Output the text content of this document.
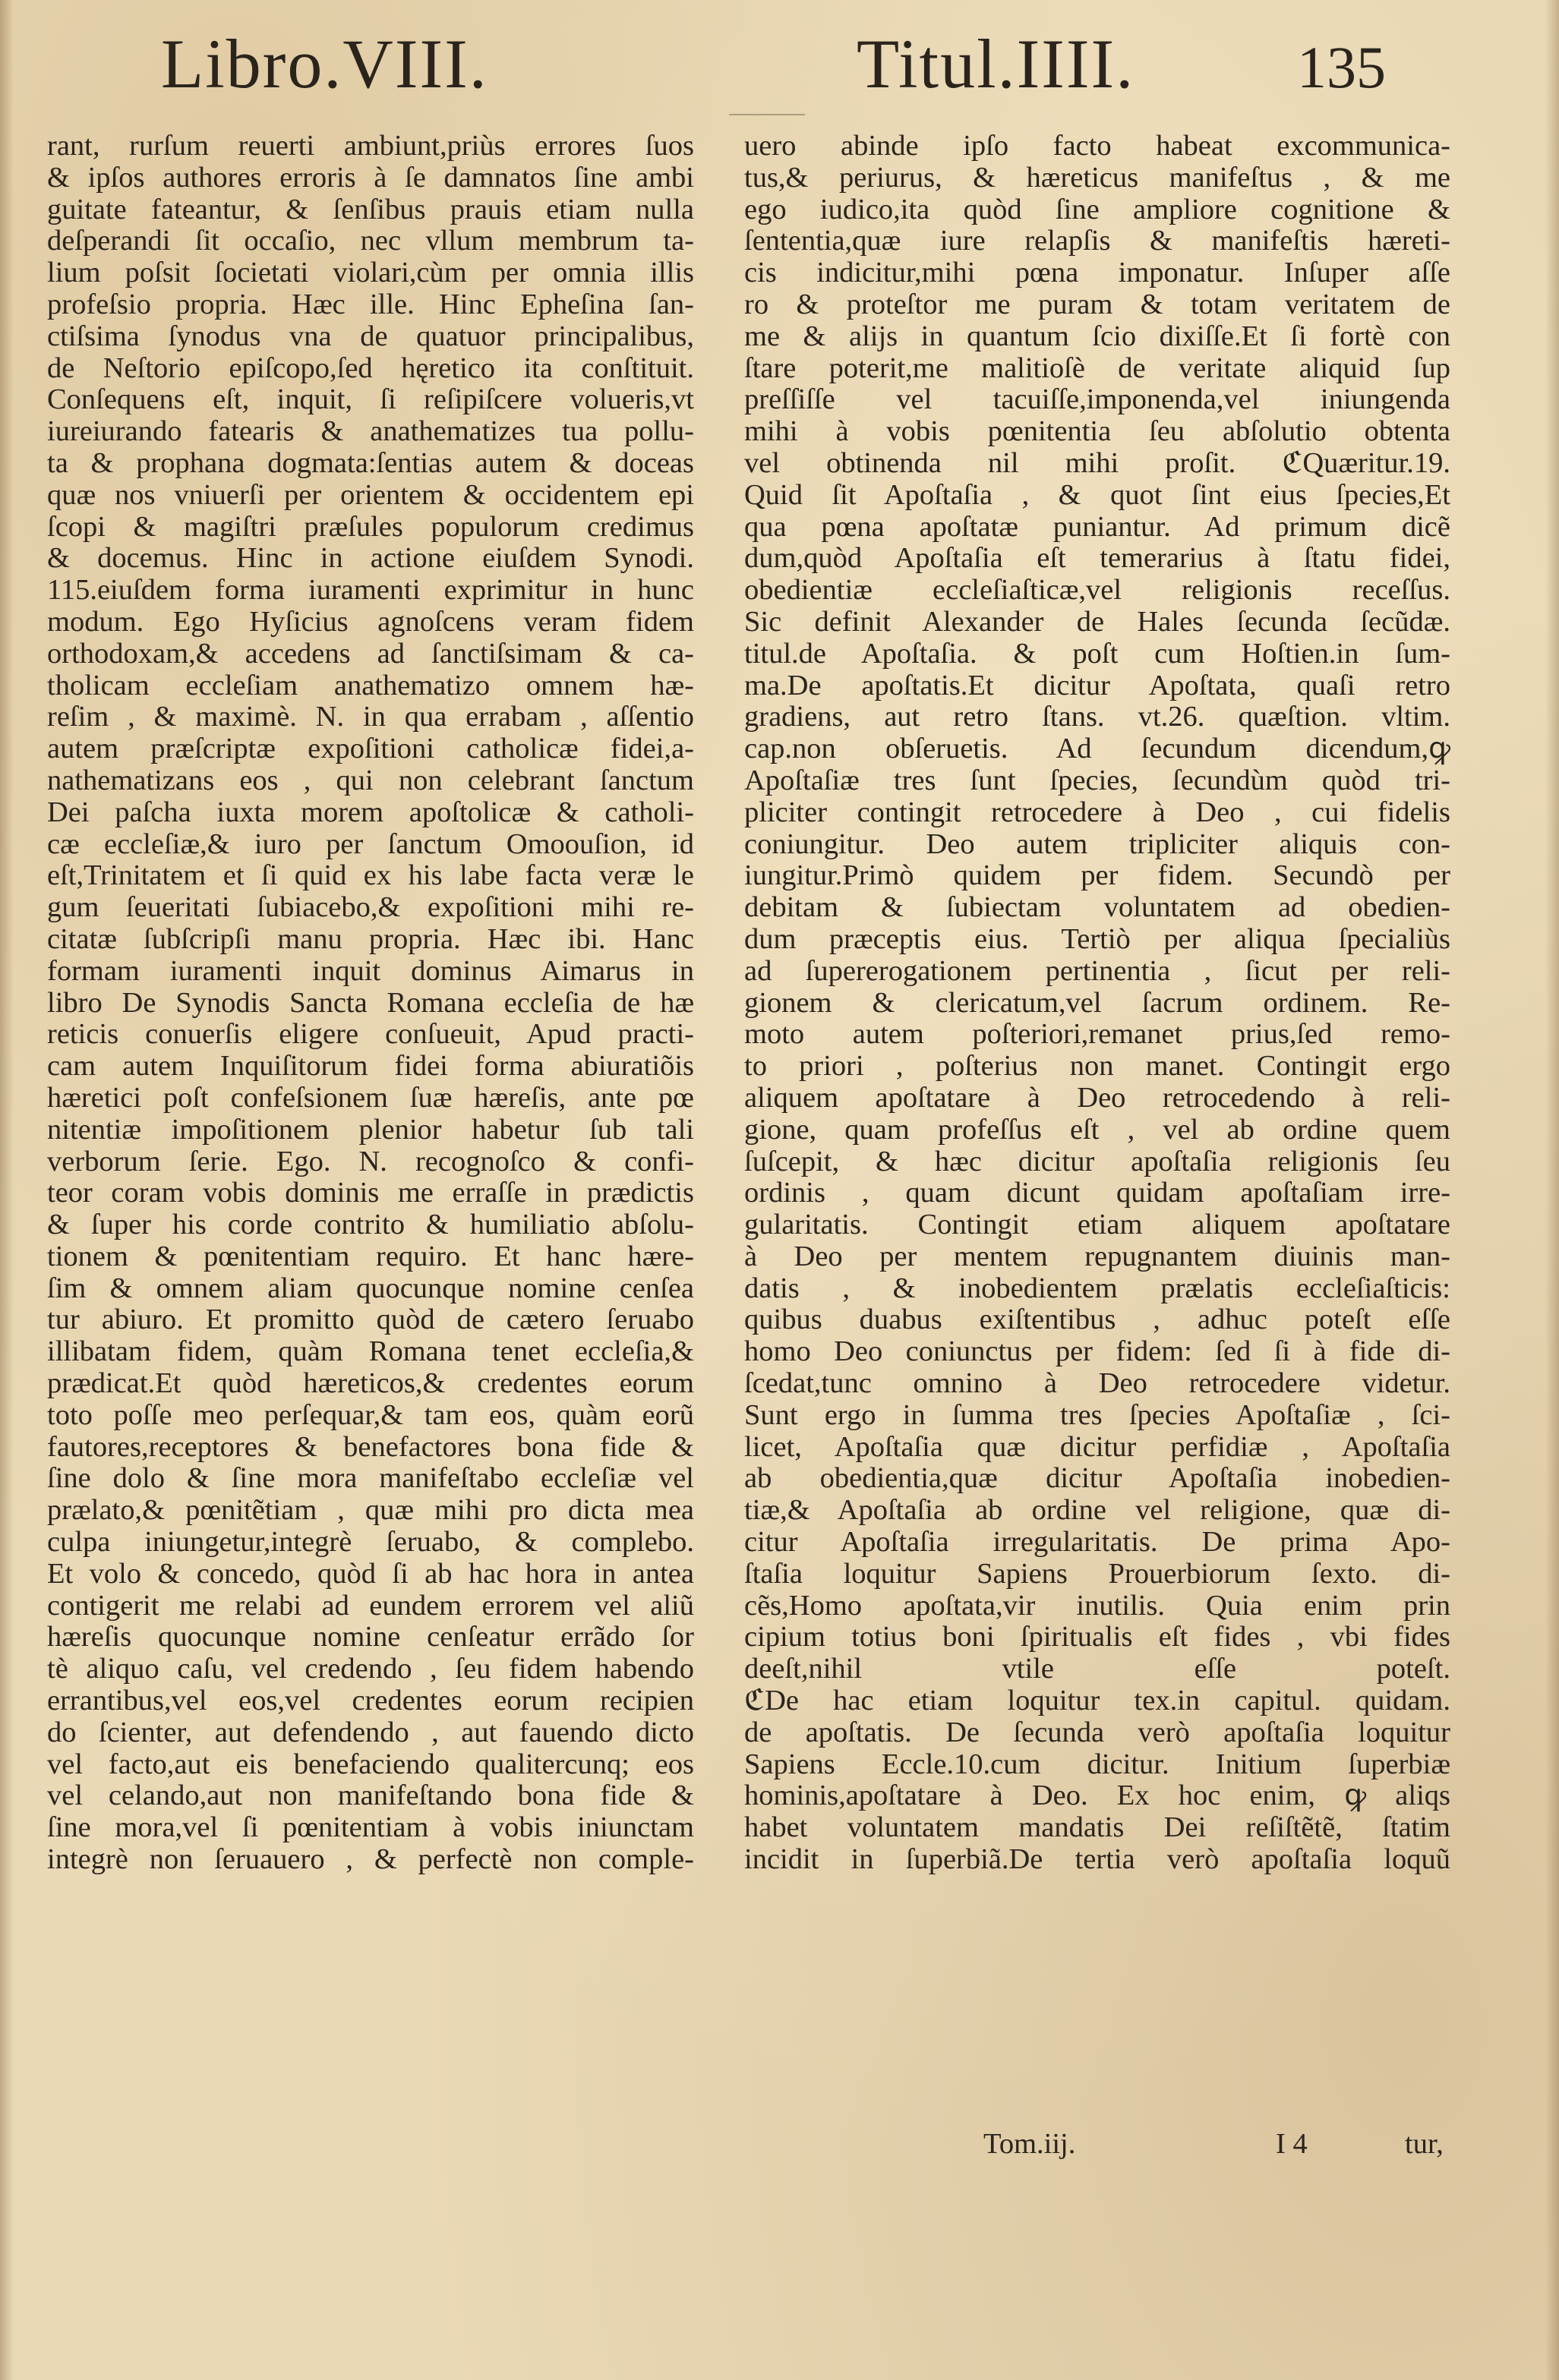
Libro.VIII.	Titul.IIII.	135
rant, rurſum reuerti ambiunt,priùs errores ſuos
& ipſos authores erroris à ſe damnatos ſine ambi
guitate fateantur, & ſenſibus prauis etiam nulla
deſperandi ſit occaſio, nec vllum membrum ta-
lium poſsit ſocietati violari,cùm per omnia illis
profeſsio propria. Hæc ille. Hinc Epheſina ſan-
ctiſsima ſynodus vna de quatuor principalibus,
de Neſtorio epiſcopo,ſed hęretico ita conſtituit.
Conſequens eſt, inquit, ſi reſipiſcere volueris,vt
iureiurando fatearis & anathematizes tua pollu-
ta & prophana dogmata:ſentias autem & doceas
quæ nos vniuerſi per orientem & occidentem epi
ſcopi & magiſtri præſules populorum credimus
& docemus. Hinc in actione eiuſdem Synodi.
115.eiuſdem forma iuramenti exprimitur in hunc
modum. Ego Hyſicius agnoſcens veram fidem
orthodoxam,& accedens ad ſanctiſsimam & ca-
tholicam eccleſiam anathematizo omnem hæ-
reſim , & maximè. N. in qua errabam , aſſentio
autem præſcriptæ expoſitioni catholicæ fidei,a-
nathematizans eos , qui non celebrant ſanctum
Dei paſcha iuxta morem apoſtolicæ & catholi-
cæ eccleſiæ,& iuro per ſanctum Omoouſion, id
eſt,Trinitatem et ſi quid ex his labe facta veræ le
gum ſeueritati ſubiacebo,& expoſitioni mihi re-
citatæ ſubſcripſi manu propria. Hæc ibi. Hanc
formam iuramenti inquit dominus Aimarus in
libro De Synodis Sancta Romana eccleſia de hæ
reticis conuerſis eligere conſueuit, Apud practi-
cam autem Inquiſitorum fidei forma abiuratiõis
hæretici poſt confeſsionem ſuæ hæreſis, ante pœ
nitentiæ impoſitionem plenior habetur ſub tali
verborum ſerie. Ego. N. recognoſco & confi-
teor coram vobis dominis me erraſſe in prædictis
& ſuper his corde contrito & humiliatio abſolu-
tionem & pœnitentiam requiro. Et hanc hære-
ſim & omnem aliam quocunque nomine cenſea
tur abiuro. Et promitto quòd de cætero ſeruabo
illibatam fidem, quàm Romana tenet eccleſia,&
prædicat.Et quòd hæreticos,& credentes eorum
toto poſſe meo perſequar,& tam eos, quàm eorũ
fautores,receptores & benefactores bona fide &
ſine dolo & ſine mora manifeſtabo eccleſiæ vel
prælato,& pœnitẽtiam , quæ mihi pro dicta mea
culpa iniungetur,integrè ſeruabo, & complebo.
Et volo & concedo, quòd ſi ab hac hora in antea
contigerit me relabi ad eundem errorem vel aliũ
hæreſis quocunque nomine cenſeatur errãdo ſor
tè aliquo caſu, vel credendo , ſeu fidem habendo
errantibus,vel eos,vel credentes eorum recipien
do ſcienter, aut defendendo , aut fauendo dicto
vel facto,aut eis benefaciendo qualitercunq; eos
vel celando,aut non manifeſtando bona fide &
ſine mora,vel ſi pœnitentiam à vobis iniunctam
integrè non ſeruauero , & perfectè non comple-
uero abinde ipſo facto habeat excommunica-
tus,& periurus, & hæreticus manifeſtus , & me
ego iudico,ita quòd ſine ampliore cognitione &
ſententia,quæ iure relapſis & manifeſtis hæreti-
cis indicitur,mihi pœna imponatur. Inſuper aſſe
ro & proteſtor me puram & totam veritatem de
me & alijs in quantum ſcio dixiſſe.Et ſi fortè con
ſtare poterit,me malitioſè de veritate aliquid ſup
preſſiſſe vel tacuiſſe,imponenda,vel iniungenda
mihi à vobis pœnitentia ſeu abſolutio obtenta
vel obtinenda nil mihi proſit. ℭQuæritur.19.
Quid ſit Apoſtaſia , & quot ſint eius ſpecies,Et
qua pœna apoſtatæ puniantur. Ad primum dicẽ
dum,quòd Apoſtaſia eſt temerarius à ſtatu fidei,
obedientiæ eccleſiaſticæ,vel religionis receſſus.
Sic definit Alexander de Hales ſecunda ſecũdæ.
titul.de Apoſtaſia. & poſt cum Hoſtien.in ſum-
ma.De apoſtatis.Et dicitur Apoſtata, quaſi retro
gradiens, aut retro ſtans. vt.26. quæſtion. vltim.
cap.non obſeruetis. Ad ſecundum dicendum,ꝙ
Apoſtaſiæ tres ſunt ſpecies, ſecundùm quòd tri-
pliciter contingit retrocedere à Deo , cui fidelis
coniungitur. Deo autem tripliciter aliquis con-
iungitur.Primò quidem per fidem. Secundò per
debitam & ſubiectam voluntatem ad obedien-
dum præceptis eius. Tertiò per aliqua ſpecialiùs
ad ſupererogationem pertinentia , ſicut per reli-
gionem & clericatum,vel ſacrum ordinem. Re-
moto autem poſteriori,remanet prius,ſed remo-
to priori , poſterius non manet. Contingit ergo
aliquem apoſtatare à Deo retrocedendo à reli-
gione, quam profeſſus eſt , vel ab ordine quem
ſuſcepit, & hæc dicitur apoſtaſia religionis ſeu
ordinis , quam dicunt quidam apoſtaſiam irre-
gularitatis. Contingit etiam aliquem apoſtatare
à Deo per mentem repugnantem diuinis man-
datis , & inobedientem prælatis eccleſiaſticis:
quibus duabus exiſtentibus , adhuc poteſt eſſe
homo Deo coniunctus per fidem: ſed ſi à fide di-
ſcedat,tunc omnino à Deo retrocedere videtur.
Sunt ergo in ſumma tres ſpecies Apoſtaſiæ , ſci-
licet, Apoſtaſia quæ dicitur perfidiæ , Apoſtaſia
ab obedientia,quæ dicitur Apoſtaſia inobedien-
tiæ,& Apoſtaſia ab ordine vel religione, quæ di-
citur Apoſtaſia irregularitatis. De prima Apo-
ſtaſia loquitur Sapiens Prouerbiorum ſexto. di-
cẽs,Homo apoſtata,vir inutilis. Quia enim prin
cipium totius boni ſpiritualis eſt fides , vbi fides
deeſt,nihil vtile eſſe poteſt.
ℭDe hac etiam loquitur tex.in capitul. quidam.
de apoſtatis. De ſecunda verò apoſtaſia loquitur
Sapiens Eccle.10.cum dicitur. Initium ſuperbiæ
hominis,apoſtatare à Deo. Ex hoc enim, ꝙ aliqs
habet voluntatem mandatis Dei reſiſtẽtẽ, ſtatim
incidit in ſuperbiã.De tertia verò apoſtaſia loquũ
Tom.iij.	I 4	tur,
